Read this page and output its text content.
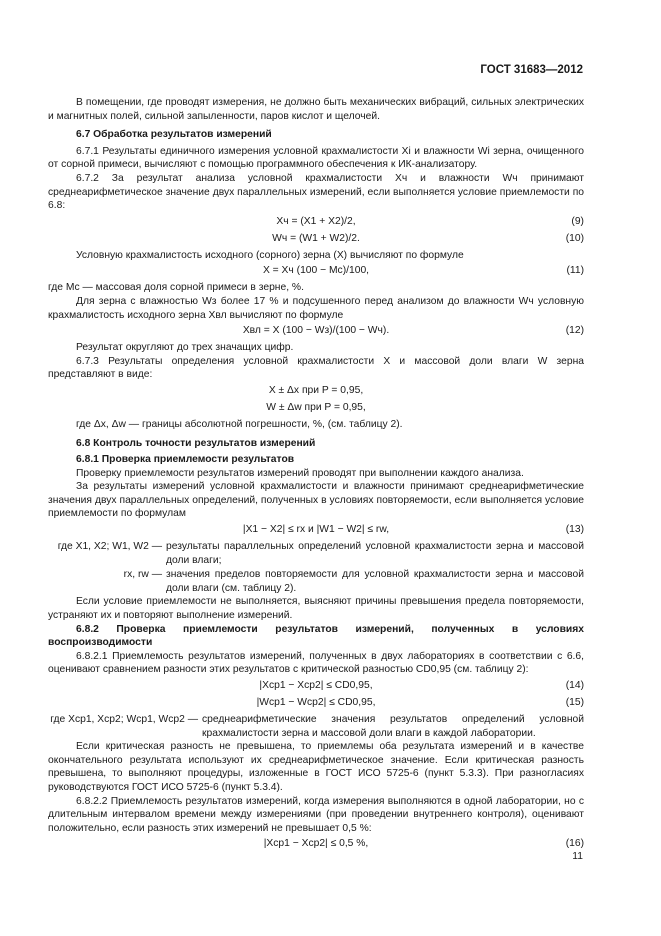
ГОСТ 31683—2012

В помещении, где проводят измерения, не должно быть механических вибраций, сильных электрических и магнитных полей, сильной запыленности, паров кислот и щелочей.

6.7 Обработка результатов измерений

6.7.1 Результаты единичного измерения условной крахмалистости Xi и влажности Wi зерна, очищенного от сорной примеси, вычисляют с помощью программного обеспечения к ИК-анализатору.

6.7.2 За результат анализа условной крахмалистости Xч и влажности Wч принимают среднеарифметическое значение двух параллельных измерений, если выполняется условие приемлемости по 6.8:

Xч = (X1 + X2)/2,	(9)
Wч = (W1 + W2)/2.	(10)

Условную крахмалистость исходного (сорного) зерна (X) вычисляют по формуле

X = Xч (100 − Mc)/100,	(11)

где Mc — массовая доля сорной примеси в зерне, %.

Для зерна с влажностью Wз более 17 % и подсушенного перед анализом до влажности Wч условную крахмалистость исходного зерна Xвл вычисляют по формуле

Xвл = X (100 − Wз)/(100 − Wч).	(12)

Результат округляют до трех значащих цифр.

6.7.3 Результаты определения условной крахмалистости X и массовой доли влаги W зерна представляют в виде:

X ± Δx при P = 0,95,
W ± Δw при P = 0,95,

где Δx, Δw — границы абсолютной погрешности, %, (см. таблицу 2).

6.8 Контроль точности результатов измерений

6.8.1 Проверка приемлемости результатов

Проверку приемлемости результатов измерений проводят при выполнении каждого анализа.

За результаты измерений условной крахмалистости и влажности принимают среднеарифметические значения двух параллельных определений, полученных в условиях повторяемости, если выполняется условие приемлемости по формулам

|X1 − X2| ≤ rx и |W1 − W2| ≤ rw,	(13)
где X1, X2; W1, W2 — результаты параллельных определений условной крахмалистости зерна и массовой доли влаги;
rx, rw — значения пределов повторяемости для условной крахмалистости зерна и массовой доли влаги (см. таблицу 2).

Если условие приемлемости не выполняется, выясняют причины превышения предела повторяемости, устраняют их и повторяют выполнение измерений.

6.8.2 Проверка приемлемости результатов измерений, полученных в условиях воспроизводимости

6.8.2.1 Приемлемость результатов измерений, полученных в двух лабораториях в соответствии с 6.6, оценивают сравнением разности этих результатов с критической разностью CD0,95 (см. таблицу 2):

|Xср1 − Xср2| ≤ CD0,95,	(14)
|Wср1 − Wср2| ≤ CD0,95,	(15)
где Xср1, Xср2; Wср1, Wср2 — среднеарифметические значения результатов определений условной крахмалистости зерна и массовой доли влаги в каждой лаборатории.

Если критическая разность не превышена, то приемлемы оба результата измерений и в качестве окончательного результата используют их среднеарифметическое значение. Если критическая разность превышена, то выполняют процедуры, изложенные в ГОСТ ИСО 5725-6 (пункт 5.3.3). При разногласиях руководствуются ГОСТ ИСО 5725-6 (пункт 5.3.4).

6.8.2.2 Приемлемость результатов измерений, когда измерения выполняются в одной лаборатории, но с длительным интервалом времени между измерениями (при проведении внутреннего контроля), оценивают положительно, если разность этих измерений не превышает 0,5 %:

|Xср1 − Xср2| ≤ 0,5 %,	(16)
11
